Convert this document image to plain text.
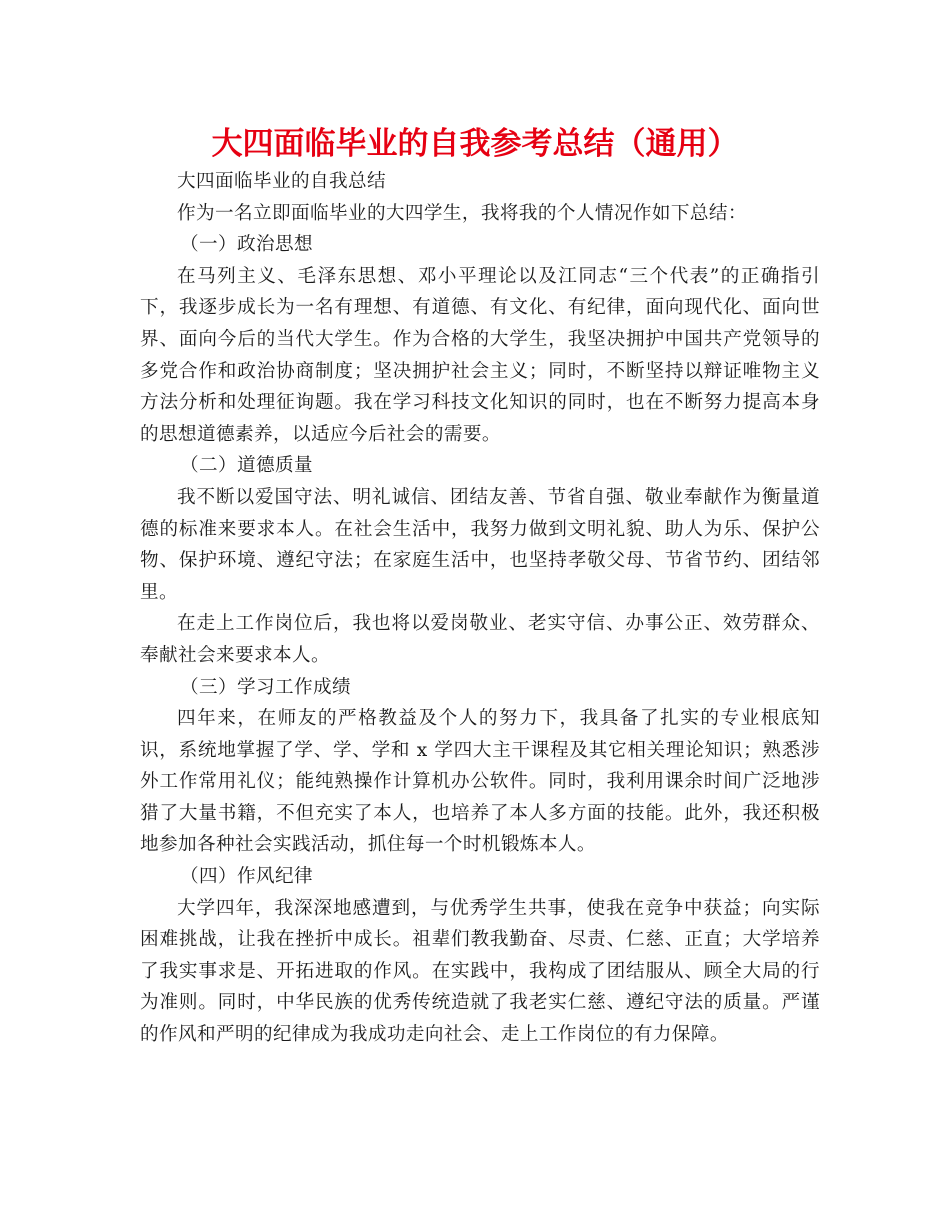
大四面临毕业的自我参考总结（通用）

大四面临毕业的自我总结

作为一名立即面临毕业的大四学生，我将我的个人情况作如下总结：

（一）政治思想

在马列主义、毛泽东思想、邓小平理论以及江同志“三个代表”的正确指引下，我逐步成长为一名有理想、有道德、有文化、有纪律，面向现代化、面向世界、面向今后的当代大学生。作为合格的大学生，我坚决拥护中国共产党领导的多党合作和政治协商制度；坚决拥护社会主义；同时，不断坚持以辩证唯物主义方法分析和处理征询题。我在学习科技文化知识的同时，也在不断努力提高本身的思想道德素养，以适应今后社会的需要。

（二）道德质量

我不断以爱国守法、明礼诚信、团结友善、节省自强、敬业奉献作为衡量道德的标准来要求本人。在社会生活中，我努力做到文明礼貌、助人为乐、保护公物、保护环境、遵纪守法；在家庭生活中，也坚持孝敬父母、节省节约、团结邻里。

在走上工作岗位后，我也将以爱岗敬业、老实守信、办事公正、效劳群众、奉献社会来要求本人。

（三）学习工作成绩

四年来，在师友的严格教益及个人的努力下，我具备了扎实的专业根底知识，系统地掌握了学、学、学和 x 学四大主干课程及其它相关理论知识；熟悉涉外工作常用礼仪；能纯熟操作计算机办公软件。同时，我利用课余时间广泛地涉猎了大量书籍，不但充实了本人，也培养了本人多方面的技能。此外，我还积极地参加各种社会实践活动，抓住每一个时机锻炼本人。

（四）作风纪律

大学四年，我深深地感遭到，与优秀学生共事，使我在竞争中获益；向实际困难挑战，让我在挫折中成长。祖辈们教我勤奋、尽责、仁慈、正直；大学培养了我实事求是、开拓进取的作风。在实践中，我构成了团结服从、顾全大局的行为准则。同时，中华民族的优秀传统造就了我老实仁慈、遵纪守法的质量。严谨的作风和严明的纪律成为我成功走向社会、走上工作岗位的有力保障。
